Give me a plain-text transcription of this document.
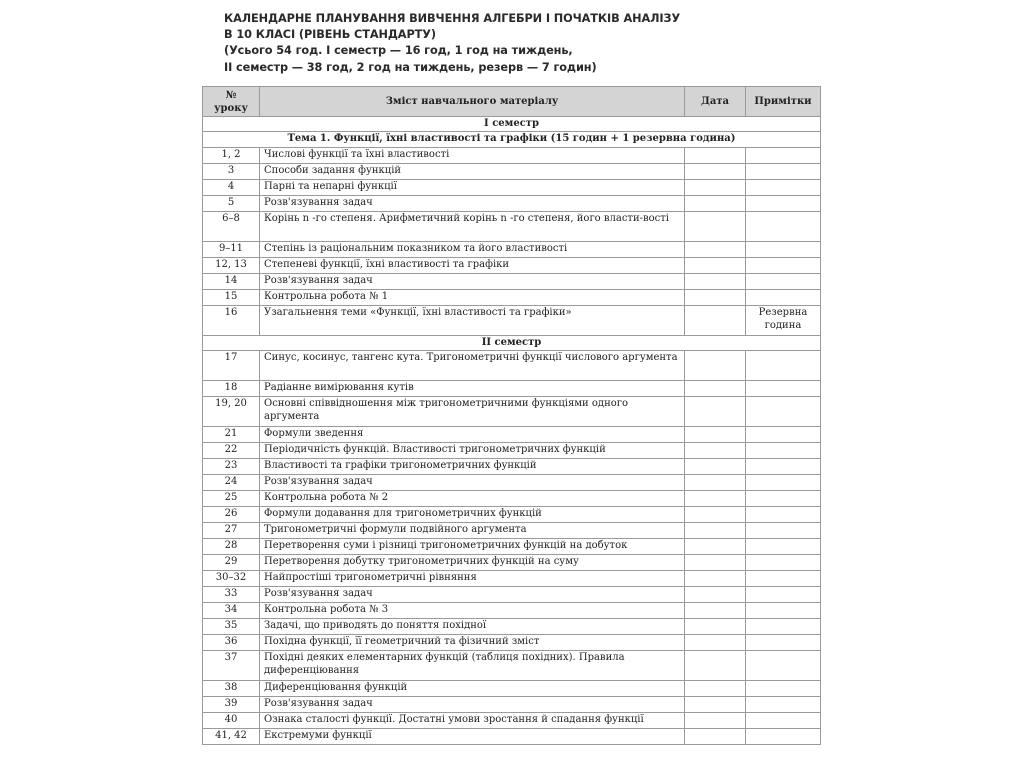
КАЛЕНДАРНЕ ПЛАНУВАННЯ ВИВЧЕННЯ АЛГЕБРИ І ПОЧАТКІВ АНАЛІЗУ
В 10 КЛАСІ (РІВЕНЬ СТАНДАРТУ)
(Усього 54 год. І семестр — 16 год, 1 год на тиждень,
ІІ семестр — 38 год, 2 год на тиждень, резерв — 7 годин)
№ уроку	Зміст навчального матеріалу	Дата	Примітки
І семестр			
Тема 1. Функції, їхні властивості та графіки (15 годин + 1 резервна година)			
1, 2	Числові функції та їхні властивості		
3	Способи задання функцій		
4	Парні та непарні функції		
5	Розв'язування задач		
6–8	Корінь n -го степеня. Арифметичний корінь n -го степеня, його власти-вості		
9–11	Степінь із раціональним показником та його властивості		
12, 13	Степеневі функції, їхні властивості та графіки		
14	Розв'язування задач		
15	Контрольна робота № 1		
16	Узагальнення теми «Функції, їхні властивості та графіки»		Резервна година
ІІ семестр			
17	Синус, косинус, тангенс кута. Тригонометричні функції числового аргумента		
18	Радіанне вимірювання кутів		
19, 20	Основні співвідношення між тригонометричними функціями одного аргумента		
21	Формули зведення		
22	Періодичність функцій. Властивості тригонометричних функцій		
23	Властивості та графіки тригонометричних функцій		
24	Розв'язування задач		
25	Контрольна робота № 2		
26	Формули додавання для тригонометричних функцій		
27	Тригонометричні формули подвійного аргумента		
28	Перетворення суми і різниці тригонометричних функцій на добуток		
29	Перетворення добутку тригонометричних функцій на суму		
30–32	Найпростіші тригонометричні рівняння		
33	Розв'язування задач		
34	Контрольна робота № 3		
35	Задачі, що приводять до поняття похідної		
36	Похідна функції, її геометричний та фізичний зміст		
37	Похідні деяких елементарних функцій (таблиця похідних). Правила диференціювання		
38	Диференціювання функцій		
39	Розв'язування задач		
40	Ознака сталості функції. Достатні умови зростання й спадання функції		
41, 42	Екстремуми функції		
